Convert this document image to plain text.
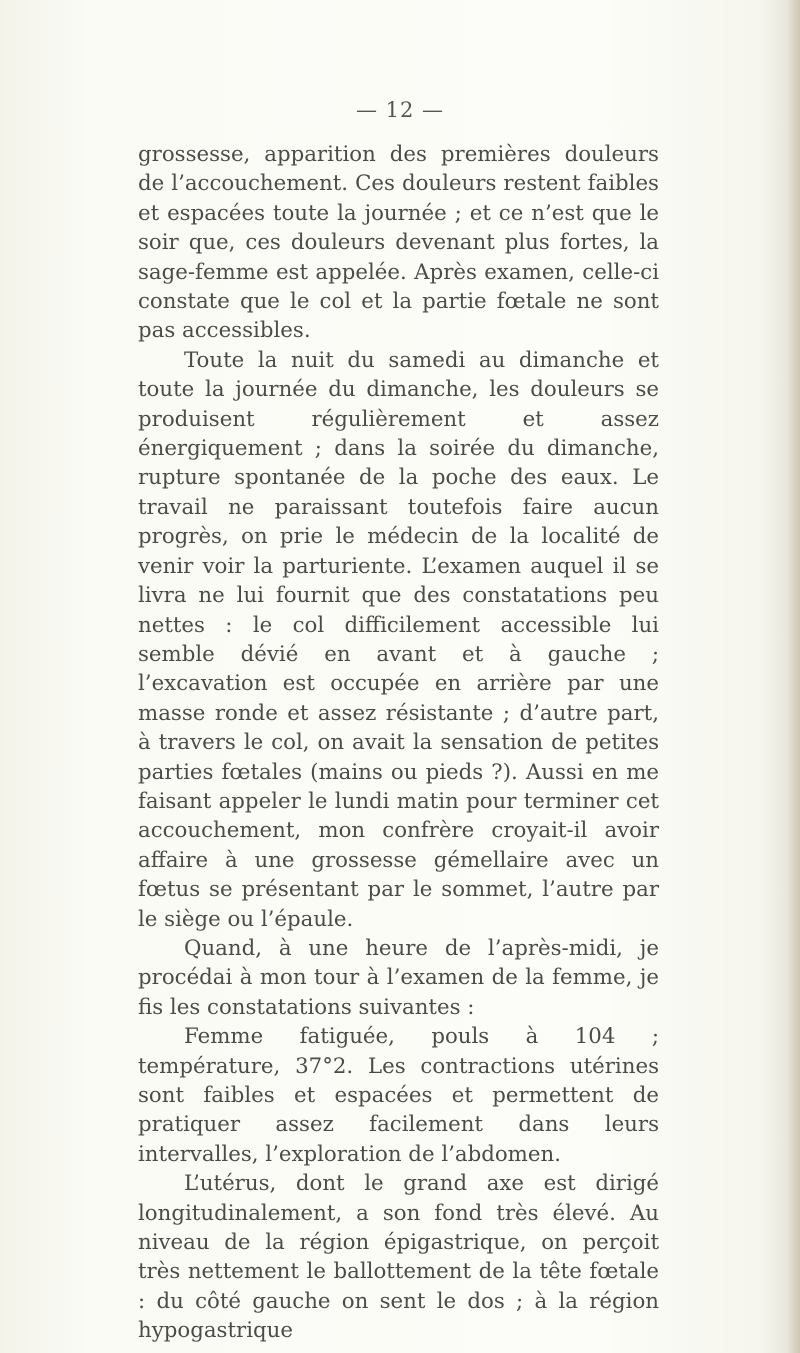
— 12 —

grossesse, apparition des premières douleurs de l’accouchement. Ces douleurs restent faibles et espacées toute la journée ; et ce n’est que le soir que, ces douleurs devenant plus fortes, la sage-femme est appelée. Après examen, celle-ci constate que le col et la partie fœtale ne sont pas accessibles.

Toute la nuit du samedi au dimanche et toute la journée du dimanche, les douleurs se produisent régulièrement et assez énergiquement ; dans la soirée du dimanche, rupture spontanée de la poche des eaux. Le travail ne paraissant toutefois faire aucun progrès, on prie le médecin de la localité de venir voir la parturiente. L’examen auquel il se livra ne lui fournit que des constatations peu nettes : le col difficilement accessible lui semble dévié en avant et à gauche ; l’excavation est occupée en arrière par une masse ronde et assez résistante ; d’autre part, à travers le col, on avait la sensation de petites parties fœtales (mains ou pieds ?). Aussi en me faisant appeler le lundi matin pour terminer cet accouchement, mon confrère croyait-il avoir affaire à une grossesse gémellaire avec un fœtus se présentant par le sommet, l’autre par le siège ou l’épaule.

Quand, à une heure de l’après-midi, je procédai à mon tour à l’examen de la femme, je fis les constatations suivantes :

Femme fatiguée, pouls à 104 ; température, 37°2. Les contractions utérines sont faibles et espacées et permettent de pratiquer assez facilement dans leurs intervalles, l’exploration de l’abdomen.

L’utérus, dont le grand axe est dirigé longitudinalement, a son fond très élevé. Au niveau de la région épigastrique, on perçoit très nettement le ballottement de la tête fœtale : du côté gauche on sent le dos ; à la région hypogastrique
